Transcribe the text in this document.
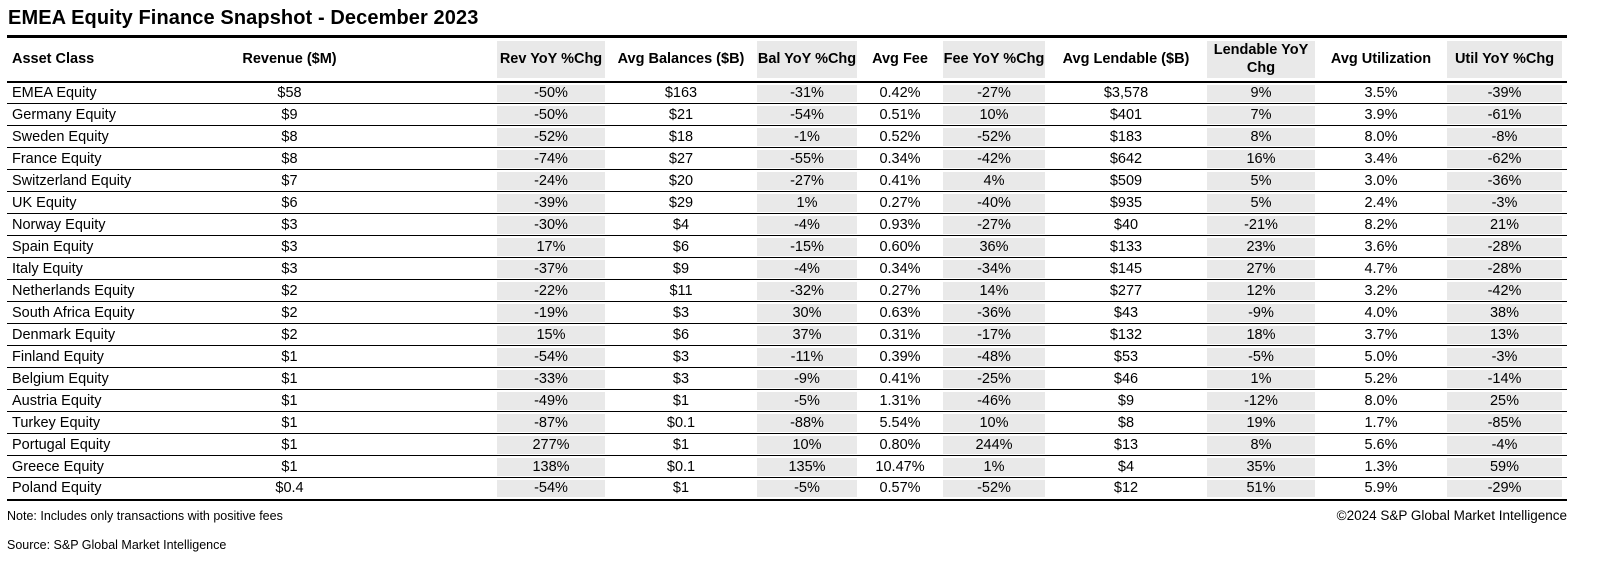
EMEA Equity Finance Snapshot - December 2023
Asset Class	Revenue ($M)		Rev YoY %Chg	Avg Balances ($B)	Bal YoY %Chg	Avg Fee	Fee YoY %Chg	Avg Lendable ($B)	Lendable YoY Chg	Avg Utilization	Util YoY %Chg
EMEA Equity	$58		-50%	$163	-31%	0.42%	-27%	$3,578	9%	3.5%	-39%
Germany Equity	$9		-50%	$21	-54%	0.51%	10%	$401	7%	3.9%	-61%
Sweden Equity	$8		-52%	$18	-1%	0.52%	-52%	$183	8%	8.0%	-8%
France Equity	$8		-74%	$27	-55%	0.34%	-42%	$642	16%	3.4%	-62%
Switzerland Equity	$7		-24%	$20	-27%	0.41%	4%	$509	5%	3.0%	-36%
UK Equity	$6		-39%	$29	1%	0.27%	-40%	$935	5%	2.4%	-3%
Norway Equity	$3		-30%	$4	-4%	0.93%	-27%	$40	-21%	8.2%	21%
Spain Equity	$3		17%	$6	-15%	0.60%	36%	$133	23%	3.6%	-28%
Italy Equity	$3		-37%	$9	-4%	0.34%	-34%	$145	27%	4.7%	-28%
Netherlands Equity	$2		-22%	$11	-32%	0.27%	14%	$277	12%	3.2%	-42%
South Africa Equity	$2		-19%	$3	30%	0.63%	-36%	$43	-9%	4.0%	38%
Denmark Equity	$2		15%	$6	37%	0.31%	-17%	$132	18%	3.7%	13%
Finland Equity	$1		-54%	$3	-11%	0.39%	-48%	$53	-5%	5.0%	-3%
Belgium Equity	$1		-33%	$3	-9%	0.41%	-25%	$46	1%	5.2%	-14%
Austria Equity	$1		-49%	$1	-5%	1.31%	-46%	$9	-12%	8.0%	25%
Turkey Equity	$1		-87%	$0.1	-88%	5.54%	10%	$8	19%	1.7%	-85%
Portugal Equity	$1		277%	$1	10%	0.80%	244%	$13	8%	5.6%	-4%
Greece Equity	$1		138%	$0.1	135%	10.47%	1%	$4	35%	1.3%	59%
Poland Equity	$0.4		-54%	$1	-5%	0.57%	-52%	$12	51%	5.9%	-29%
Note: Includes only transactions with positive fees	©2024 S&P Global Market Intelligence
Source: S&P Global Market Intelligence
